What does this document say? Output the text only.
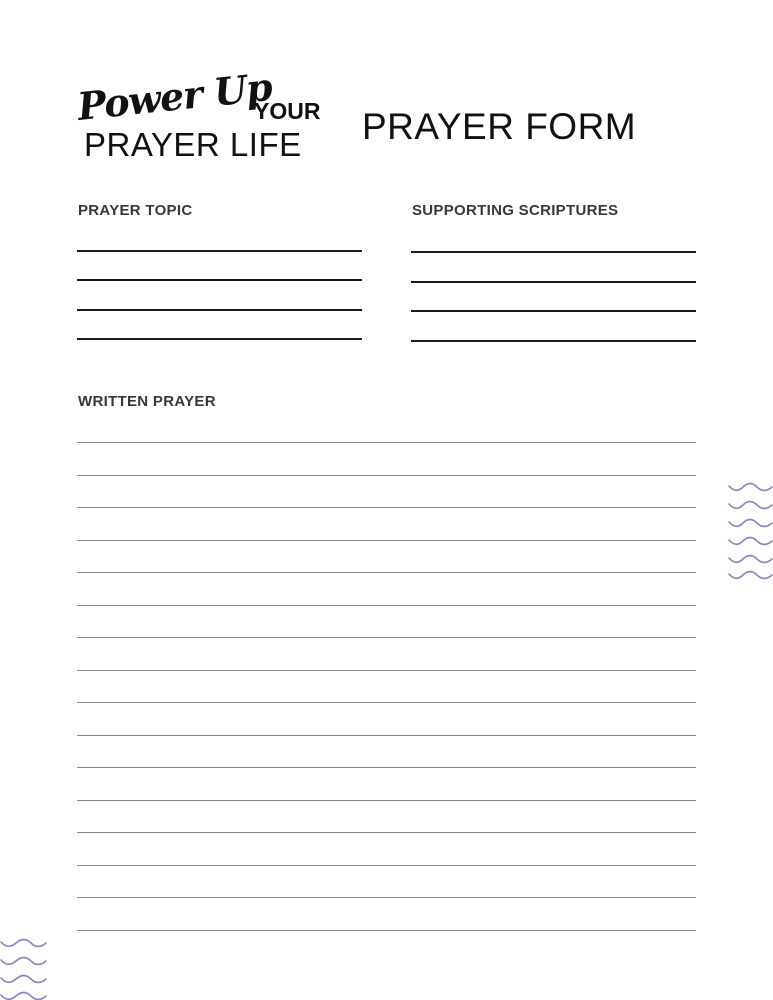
Power Up
YOUR
PRAYER LIFE PRAYER FORM
PRAYER TOPIC	SUPPORTING SCRIPTURES
WRITTEN PRAYER
